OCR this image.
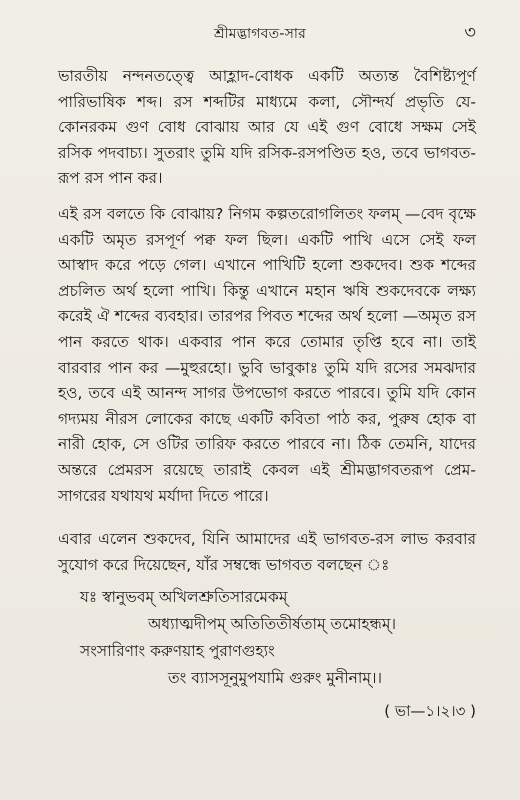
শ্রীমদ্ভাগবত-সার	৩

ভারতীয় নন্দনতত্ত্বে আহ্লাদ-বোধক একটি অত্যন্ত বৈশিষ্ট্যপূর্ণ পারিভাষিক শব্দ। রস শব্দটির মাধ্যমে কলা, সৌন্দর্য প্রভৃতি যে-কোনরকম গুণ বোধ বোঝায় আর যে এই গুণ বোধে সক্ষম সেই রসিক পদবাচ্য। সুতরাং তুমি যদি রসিক-রসপণ্ডিত হও, তবে ভাগবত-রূপ রস পান কর।

এই রস বলতে কি বোঝায়? নিগম কল্পতরোগলিতং ফলম্ —বেদ বৃক্ষে একটি অমৃত রসপূর্ণ পক্ব ফল ছিল। একটি পাখি এসে সেই ফল আস্বাদ করে পড়ে গেল। এখানে পাখিটি হলো শুকদেব। শুক শব্দের প্রচলিত অর্থ হলো পাখি। কিন্তু এখানে মহান ঋষি শুকদেবকে লক্ষ্য করেই ঐ শব্দের ব্যবহার। তারপর পিবত শব্দের অর্থ হলো —অমৃত রস পান করতে থাক। একবার পান করে তোমার তৃপ্তি হবে না। তাই বারবার পান কর —মুহুরহো। ভুবি ভাবুকাঃ তুমি যদি রসের সমঝদার হও, তবে এই আনন্দ সাগর উপভোগ করতে পারবে। তুমি যদি কোন গদ্যময় নীরস লোকের কাছে একটি কবিতা পাঠ কর, পুরুষ হোক বা নারী হোক, সে ওটির তারিফ করতে পারবে না। ঠিক তেমনি, যাদের অন্তরে প্রেমরস রয়েছে তারাই কেবল এই শ্রীমদ্ভাগবতরূপ প্রেম-সাগরের যথাযথ মর্যাদা দিতে পারে।

এবার এলেন শুকদেব, যিনি আমাদের এই ভাগবত-রস লাভ করবার সুযোগ করে দিয়েছেন, যাঁর সম্বন্ধে ভাগবত বলছেন ঃ

যঃ স্বানুভবম্ অখিলশ্রুতিসারমেকম্
অধ্যাত্মদীপম্ অতিতিতীর্ষতাম্ তমোহন্ধম্।
সংসারিণাং করুণয়াহ পুরাণগুহ্যং
তং ব্যাসসূনুমুপযামি গুরুং মুনীনাম্।।
( ভা—১।২।৩ )
